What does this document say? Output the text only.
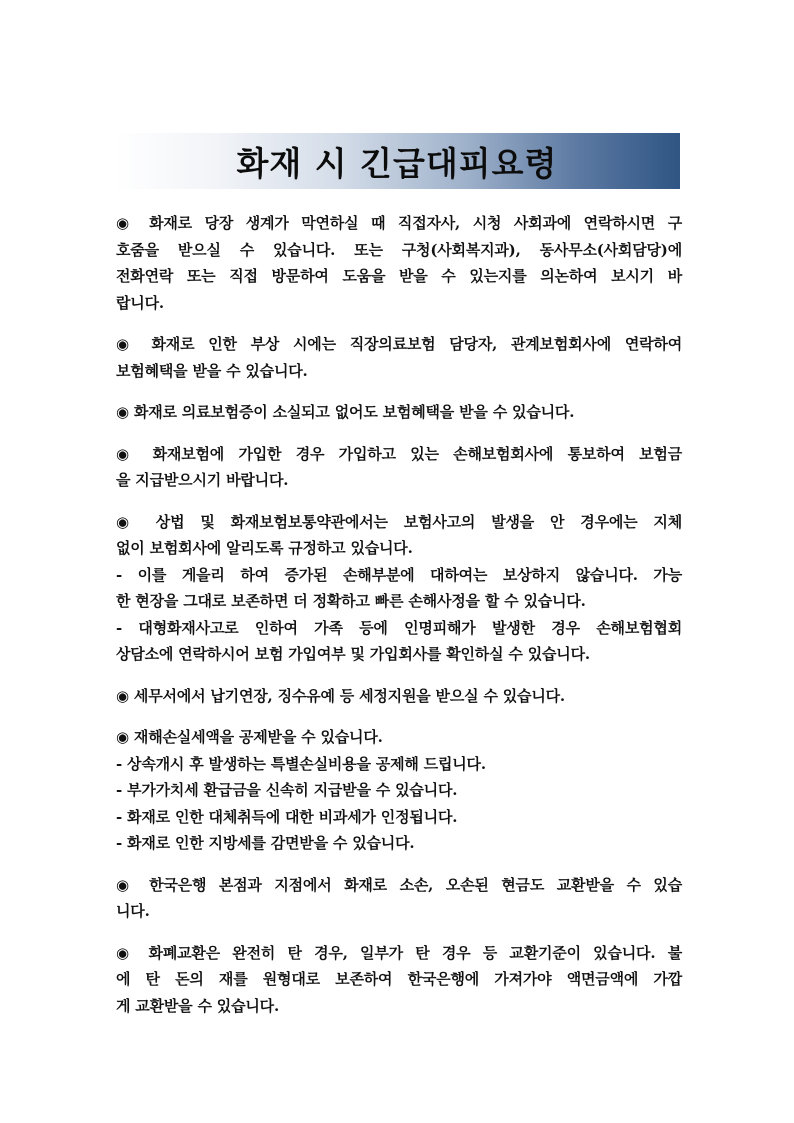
화재 시 긴급대피요령
◉ 화재로 당장 생계가 막연하실 때 직접자사, 시청 사회과에 연락하시면 구
호줌을 받으실 수 있습니다. 또는 구청(사회복지과), 동사무소(사회담당)에
전화연락 또는 직접 방문하여 도움을 받을 수 있는지를 의논하여 보시기 바
랍니다.
◉ 화재로 인한 부상 시에는 직장의료보험 담당자, 관계보험회사에 연락하여
보험혜택을 받을 수 있습니다.
◉ 화재로 의료보험증이 소실되고 없어도 보험혜택을 받을 수 있습니다.
◉ 화재보험에 가입한 경우 가입하고 있는 손해보험회사에 통보하여 보험금
을 지급받으시기 바랍니다.
◉ 상법 및 화재보험보통약관에서는 보험사고의 발생을 안 경우에는 지체
없이 보험회사에 알리도록 규정하고 있습니다.
- 이를 게을리 하여 증가된 손해부분에 대하여는 보상하지 않습니다. 가능
한 현장을 그대로 보존하면 더 정확하고 빠른 손해사정을 할 수 있습니다.
- 대형화재사고로 인하여 가족 등에 인명피해가 발생한 경우 손해보험협회
상담소에 연락하시어 보험 가입여부 및 가입회사를 확인하실 수 있습니다.
◉ 세무서에서 납기연장, 징수유예 등 세정지원을 받으실 수 있습니다.
◉ 재해손실세액을 공제받을 수 있습니다.
- 상속개시 후 발생하는 특별손실비용을 공제해 드립니다.
- 부가가치세 환급금을 신속히 지급받을 수 있습니다.
- 화재로 인한 대체취득에 대한 비과세가 인정됩니다.
- 화재로 인한 지방세를 감면받을 수 있습니다.
◉ 한국은행 본점과 지점에서 화재로 소손, 오손된 현금도 교환받을 수 있습
니다.
◉ 화폐교환은 완전히 탄 경우, 일부가 탄 경우 등 교환기준이 있습니다. 불
에 탄 돈의 재를 원형대로 보존하여 한국은행에 가져가야 액면금액에 가깝
게 교환받을 수 있습니다.
